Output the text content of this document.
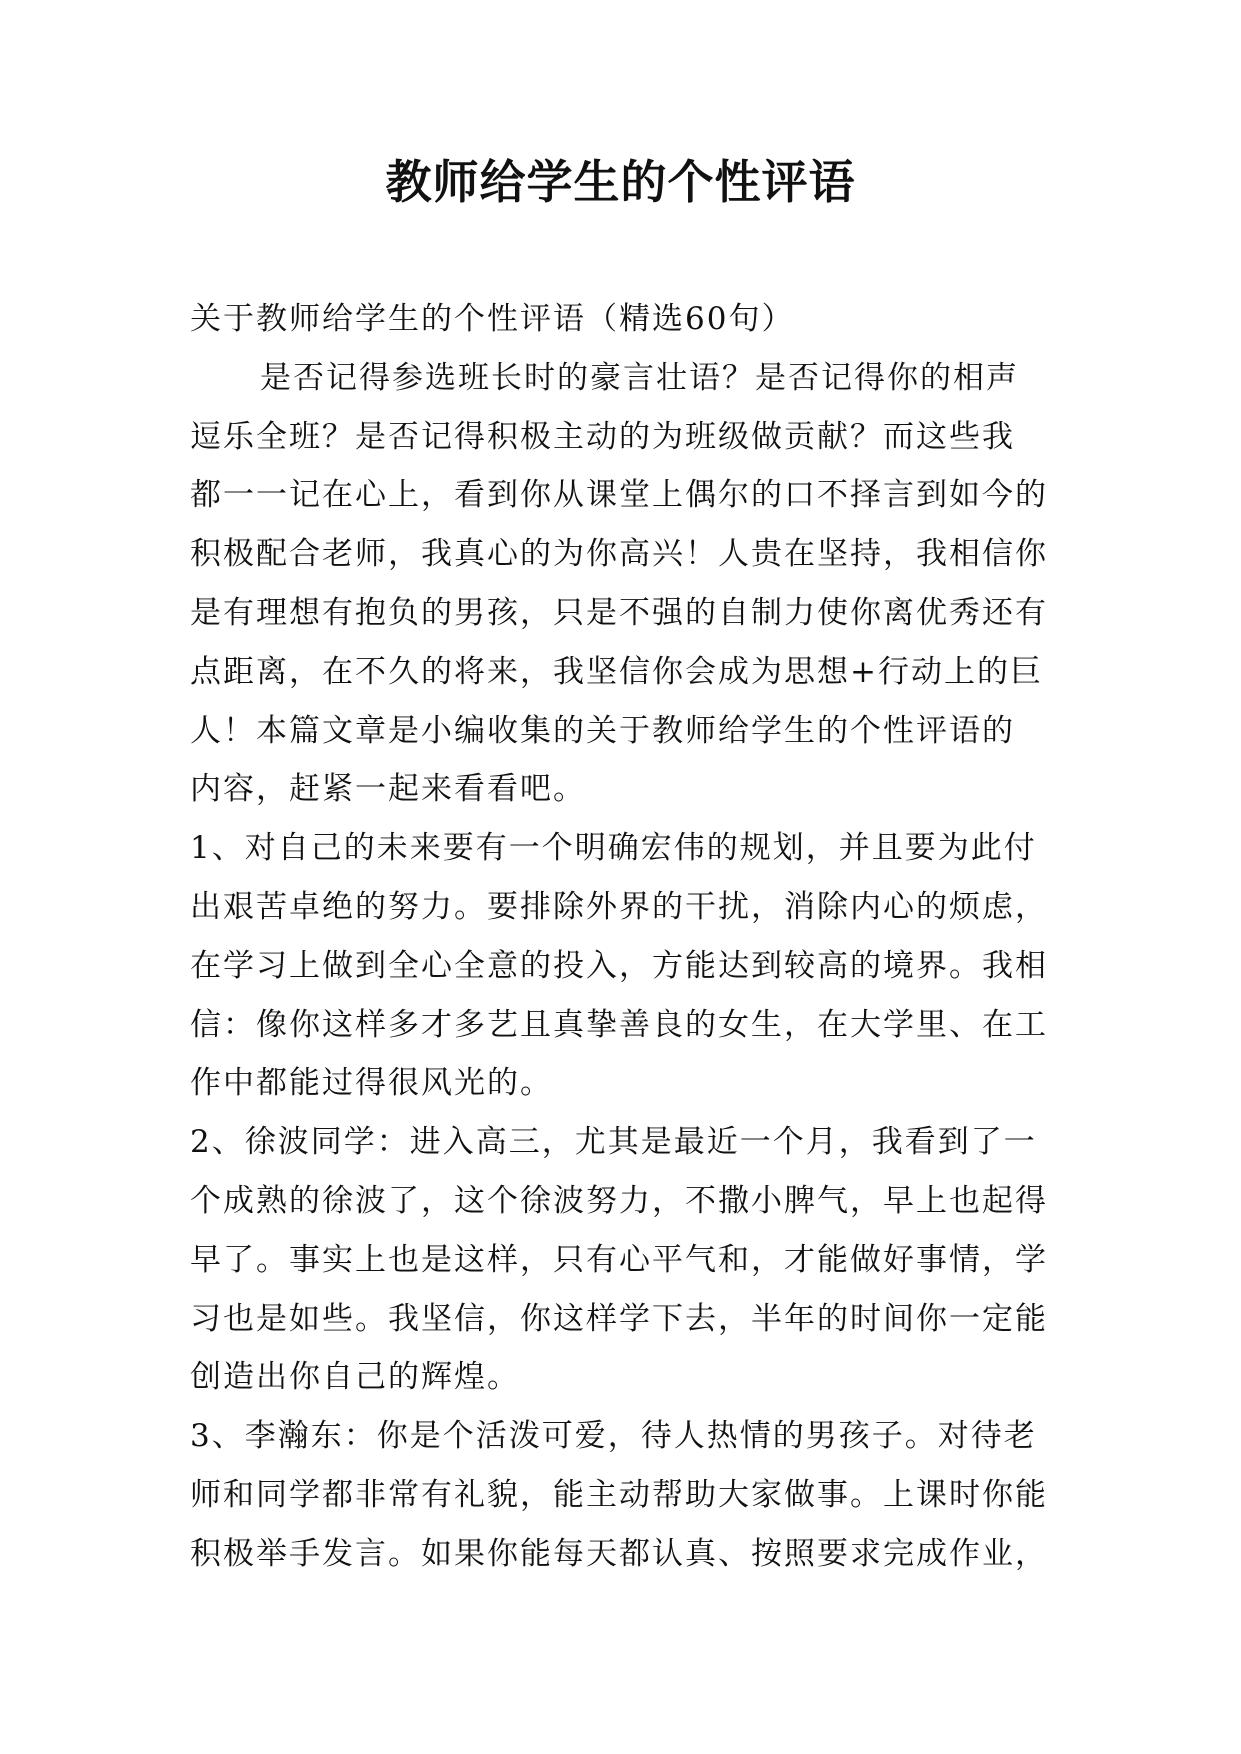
教师给学生的个性评语
关于教师给学生的个性评语（精选60句）
是否记得参选班长时的豪言壮语？是否记得你的相声
逗乐全班？是否记得积极主动的为班级做贡献？而这些我
都一一记在心上，看到你从课堂上偶尔的口不择言到如今的
积极配合老师，我真心的为你高兴！人贵在坚持，我相信你
是有理想有抱负的男孩，只是不强的自制力使你离优秀还有
点距离，在不久的将来，我坚信你会成为思想+行动上的巨
人！本篇文章是小编收集的关于教师给学生的个性评语的
内容，赶紧一起来看看吧。
1、对自己的未来要有一个明确宏伟的规划，并且要为此付
出艰苦卓绝的努力。要排除外界的干扰，消除内心的烦虑，
在学习上做到全心全意的投入，方能达到较高的境界。我相
信：像你这样多才多艺且真挚善良的女生，在大学里、在工
作中都能过得很风光的。
2、徐波同学：进入高三，尤其是最近一个月，我看到了一
个成熟的徐波了，这个徐波努力，不撒小脾气，早上也起得
早了。事实上也是这样，只有心平气和，才能做好事情，学
习也是如些。我坚信，你这样学下去，半年的时间你一定能
创造出你自己的辉煌。
3、李瀚东：你是个活泼可爱，待人热情的男孩子。对待老
师和同学都非常有礼貌，能主动帮助大家做事。上课时你能
积极举手发言。如果你能每天都认真、按照要求完成作业，
